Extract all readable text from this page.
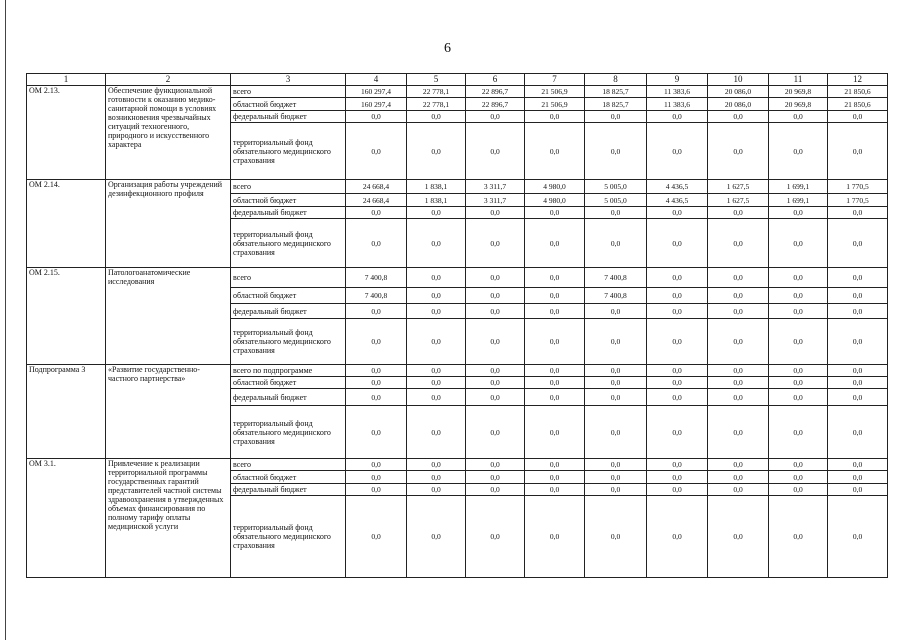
6
1	2	3	4	5	6	7	8	9	10	11	12
ОМ 2.13.	Обеспечение функциональной готовности к оказанию медико-санитарной помощи в условиях возникновения чрезвычайных ситуаций техногенного, природного и искусственного характера	всего	160 297,4	22 778,1	22 896,7	21 506,9	18 825,7	11 383,6	20 086,0	20 969,8	21 850,6
		областной бюджет	160 297,4	22 778,1	22 896,7	21 506,9	18 825,7	11 383,6	20 086,0	20 969,8	21 850,6
		федеральный бюджет	0,0	0,0	0,0	0,0	0,0	0,0	0,0	0,0	0,0
		территориальный фонд обязательного медицинского страхования	0,0	0,0	0,0	0,0	0,0	0,0	0,0	0,0	0,0
ОМ 2.14.	Организация работы учреждений дезинфекционного профиля	всего	24 668,4	1 838,1	3 311,7	4 980,0	5 005,0	4 436,5	1 627,5	1 699,1	1 770,5
		областной бюджет	24 668,4	1 838,1	3 311,7	4 980,0	5 005,0	4 436,5	1 627,5	1 699,1	1 770,5
		федеральный бюджет	0,0	0,0	0,0	0,0	0,0	0,0	0,0	0,0	0,0
		территориальный фонд обязательного медицинского страхования	0,0	0,0	0,0	0,0	0,0	0,0	0,0	0,0	0,0
ОМ 2.15.	Патологоанатомические исследования	всего	7 400,8	0,0	0,0	0,0	7 400,8	0,0	0,0	0,0	0,0
		областной бюджет	7 400,8	0,0	0,0	0,0	7 400,8	0,0	0,0	0,0	0,0
		федеральный бюджет	0,0	0,0	0,0	0,0	0,0	0,0	0,0	0,0	0,0
		территориальный фонд обязательного медицинского страхования	0,0	0,0	0,0	0,0	0,0	0,0	0,0	0,0	0,0
Подпрограмма 3	«Развитие государственно-частного партнерства»	всего по подпрограмме	0,0	0,0	0,0	0,0	0,0	0,0	0,0	0,0	0,0
		областной бюджет	0,0	0,0	0,0	0,0	0,0	0,0	0,0	0,0	0,0
		федеральный бюджет	0,0	0,0	0,0	0,0	0,0	0,0	0,0	0,0	0,0
		территориальный фонд обязательного медицинского страхования	0,0	0,0	0,0	0,0	0,0	0,0	0,0	0,0	0,0
ОМ 3.1.	Привлечение к реализации территориальной программы государственных гарантий представителей частной системы здравоохранения в утвержденных объемах финансирования по полному тарифу оплаты медицинской услуги	всего	0,0	0,0	0,0	0,0	0,0	0,0	0,0	0,0	0,0
		областной бюджет	0,0	0,0	0,0	0,0	0,0	0,0	0,0	0,0	0,0
		федеральный бюджет	0,0	0,0	0,0	0,0	0,0	0,0	0,0	0,0	0,0
		территориальный фонд обязательного медицинского страхования	0,0	0,0	0,0	0,0	0,0	0,0	0,0	0,0	0,0
